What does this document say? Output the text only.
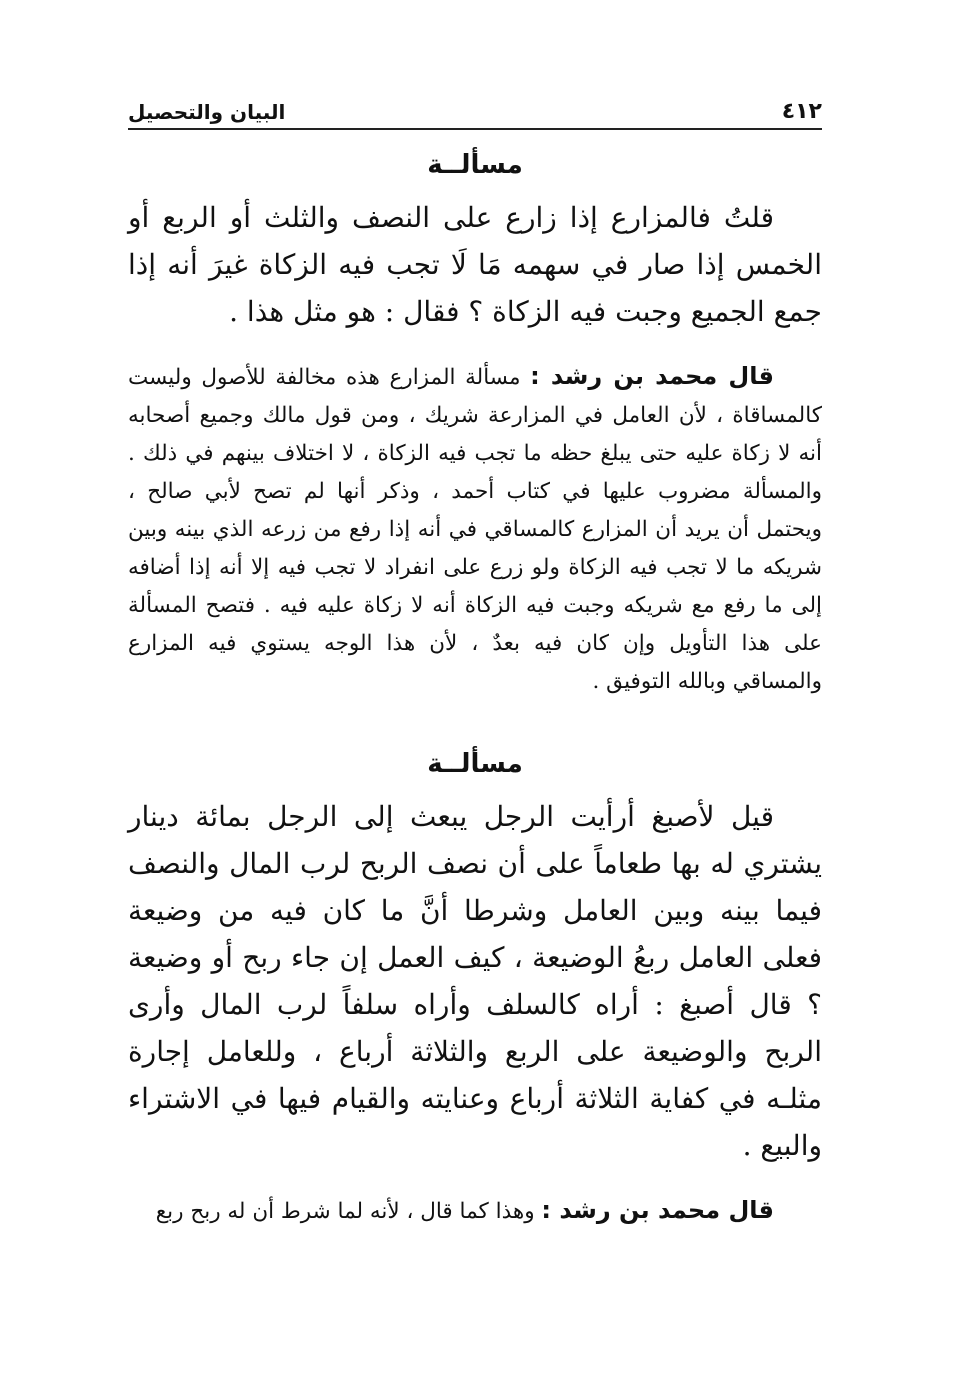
٤١٢
البيان والتحصيل
مسألــة

قلتُ فالمزارع إذا زارع على النصف والثلث أو الربع أو الخمس إذا صار في سهمه مَا لَا تجب فيه الزكاة غيرَ أنه إذا جمع الجميع وجبت فيه الزكاة ؟ فقال : هو مثل هذا .

قال محمد بن رشد : مسألة المزارع هذه مخالفة للأصول وليست كالمساقاة ، لأن العامل في المزارعة شريك ، ومن قول مالك وجميع أصحابه أنه لا زكاة عليه حتى يبلغ حظه ما تجب فيه الزكاة ، لا اختلاف بينهم في ذلك . والمسألة مضروب عليها في كتاب أحمد ، وذكر أنها لم تصح لأبي صالح ، ويحتمل أن يريد أن المزارع كالمساقي في أنه إذا رفع من زرعه الذي بينه وبين شريكه ما لا تجب فيه الزكاة ولو زرع على انفراد لا تجب فيه إلا أنه إذا أضافه إلى ما رفع مع شريكه وجبت فيه الزكاة أنه لا زكاة عليه فيه . فتصح المسألة على هذا التأويل وإن كان فيه بعدٌ ، لأن هذا الوجه يستوي فيه المزارع والمساقي وبالله التوفيق .

مسألــة

قيل لأصبغ أرأيت الرجل يبعث إلى الرجل بمائة دينار يشتري له بها طعاماً على أن نصف الربح لرب المال والنصف فيما بينه وبين العامل وشرطا أنَّ ما كان فيه من وضيعة فعلى العامل ربعُ الوضيعة ، كيف العمل إن جاء ربح أو وضيعة ؟ قال أصبغ : أراه كالسلف وأراه سلفاً لرب المال وأرى الربح والوضيعة على الربع والثلاثة أرباع ، وللعامل إجارة مثلـه في كفاية الثلاثة أرباع وعنايته والقيام فيها في الاشتراء والبيع .

قال محمد بن رشد : وهذا كما قال ، لأنه لما شرط أن له ربح ربع
